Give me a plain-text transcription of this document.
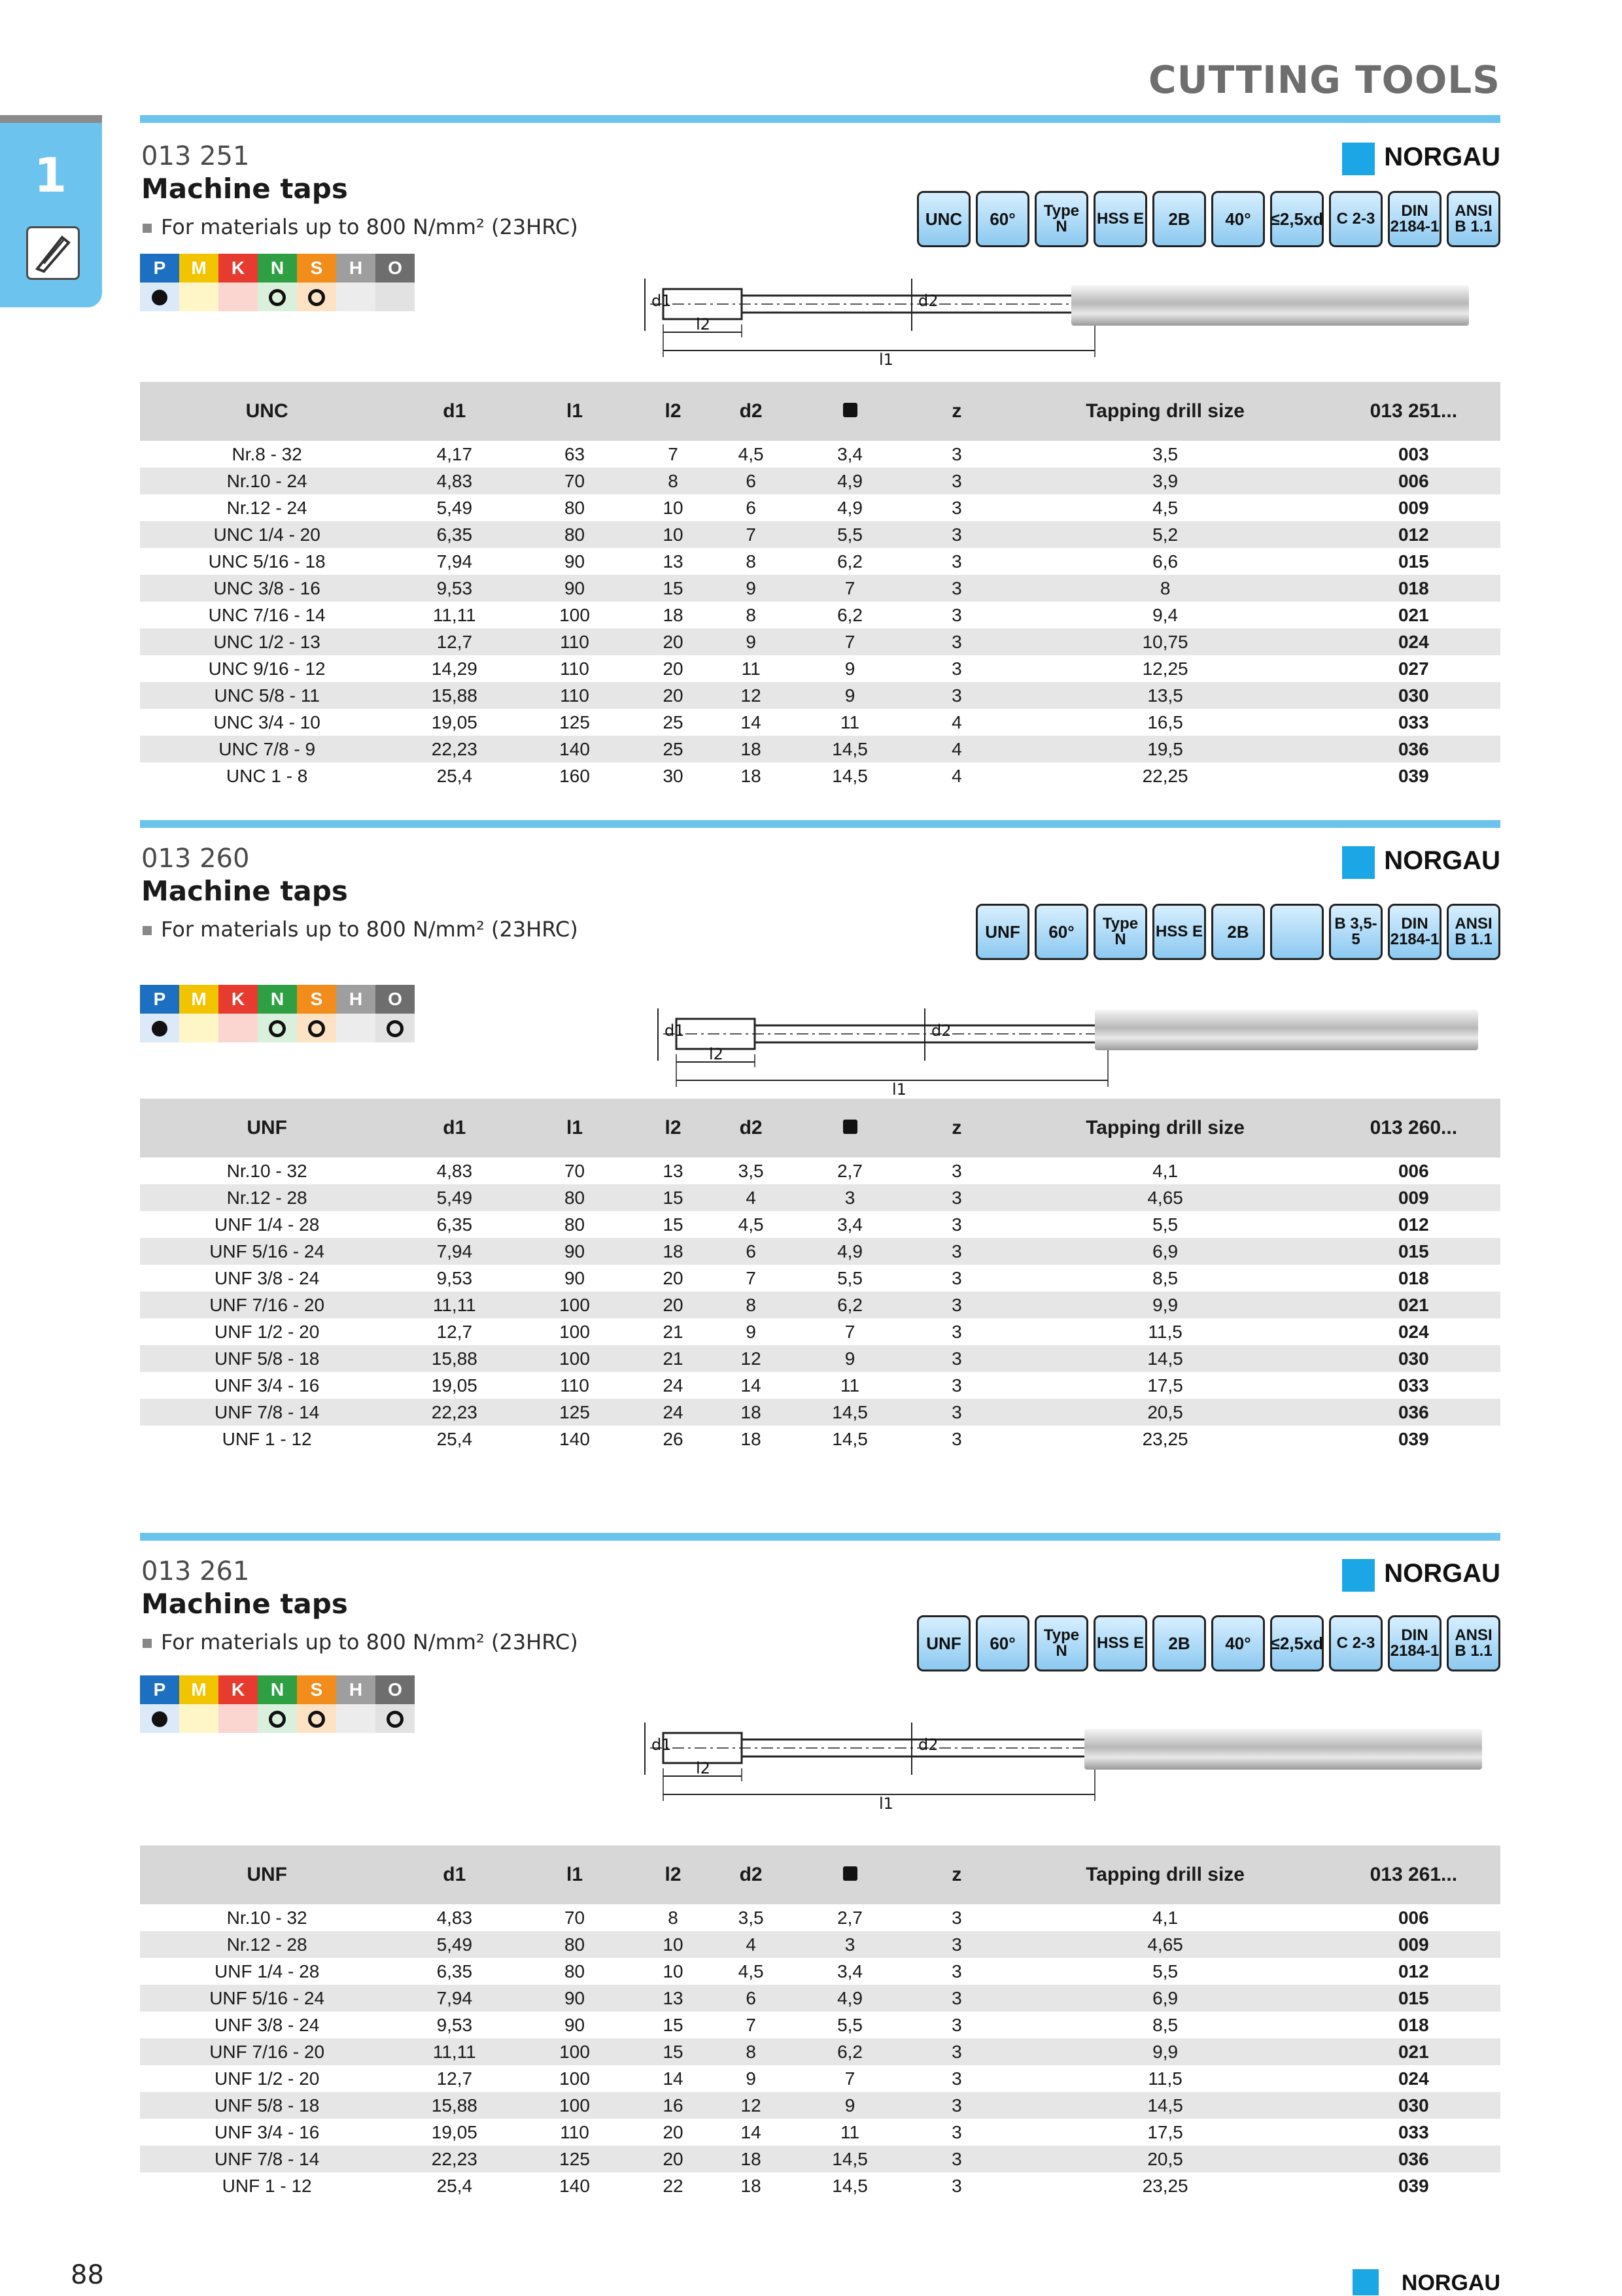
CUTTING TOOLS
1	013 251
Machine taps
For materials up to 800 N/mm² (23HRC)
NORGAU
UNC 60°	Type N	HSS E 2B 40° ≤2,5xd C 2-3	DIN 2184-1
ANSI B 1.1
P	M	K	N	S	H	O

d1	d2
l2
l1
UNC	d1	l1	l2	d2		z	Tapping drill size	013 251...
Nr.8 - 32	4,17	63	7	4,5	3,4	3	3,5	003
Nr.10 - 24	4,83	70	8	6	4,9	3	3,9	006
Nr.12 - 24	5,49	80	10	6	4,9	3	4,5	009
UNC 1/4 - 20	6,35	80	10	7	5,5	3	5,2	012
UNC 5/16 - 18	7,94	90	13	8	6,2	3	6,6	015
UNC 3/8 - 16	9,53	90	15	9	7	3	8	018
UNC 7/16 - 14	11,11	100	18	8	6,2	3	9,4	021
UNC 1/2 - 13	12,7	110	20	9	7	3	10,75	024
UNC 9/16 - 12	14,29	110	20	11	9	3	12,25	027
UNC 5/8 - 11	15,88	110	20	12	9	3	13,5	030
UNC 3/4 - 10	19,05	125	25	14	11	4	16,5	033
UNC 7/8 - 9	22,23	140	25	18	14,5	4	19,5	036
UNC 1 - 8	25,4	160	30	18	14,5	4	22,25	039
013 260
Machine taps
For materials up to 800 N/mm² (23HRC)
NORGAU
UNF 60°	Type N	HSS E 2B	B 3,5-5
DIN 2184-1
ANSI B 1.1
P	M	K	N	S	H	O

d1	d2
l2
l1
UNF	d1	l1	l2	d2		z	Tapping drill size	013 260...
Nr.10 - 32	4,83	70	13	3,5	2,7	3	4,1	006
Nr.12 - 28	5,49	80	15	4	3	3	4,65	009
UNF 1/4 - 28	6,35	80	15	4,5	3,4	3	5,5	012
UNF 5/16 - 24	7,94	90	18	6	4,9	3	6,9	015
UNF 3/8 - 24	9,53	90	20	7	5,5	3	8,5	018
UNF 7/16 - 20	11,11	100	20	8	6,2	3	9,9	021
UNF 1/2 - 20	12,7	100	21	9	7	3	11,5	024
UNF 5/8 - 18	15,88	100	21	12	9	3	14,5	030
UNF 3/4 - 16	19,05	110	24	14	11	3	17,5	033
UNF 7/8 - 14	22,23	125	24	18	14,5	3	20,5	036
UNF 1 - 12	25,4	140	26	18	14,5	3	23,25	039
013 261
Machine taps
For materials up to 800 N/mm² (23HRC)
NORGAU
UNF 60°	Type N	HSS E 2B 40° ≤2,5xd C 2-3	DIN 2184-1
ANSI B 1.1
P	M	K	N	S	H	O

d1	d2
l2
l1
UNF	d1	l1	l2	d2		z	Tapping drill size	013 261...
Nr.10 - 32	4,83	70	8	3,5	2,7	3	4,1	006
Nr.12 - 28	5,49	80	10	4	3	3	4,65	009
UNF 1/4 - 28	6,35	80	10	4,5	3,4	3	5,5	012
UNF 5/16 - 24	7,94	90	13	6	4,9	3	6,9	015
UNF 3/8 - 24	9,53	90	15	7	5,5	3	8,5	018
UNF 7/16 - 20	11,11	100	15	8	6,2	3	9,9	021
UNF 1/2 - 20	12,7	100	14	9	7	3	11,5	024
UNF 5/8 - 18	15,88	100	16	12	9	3	14,5	030
UNF 3/4 - 16	19,05	110	20	14	11	3	17,5	033
UNF 7/8 - 14	22,23	125	20	18	14,5	3	20,5	036
UNF 1 - 12	25,4	140	22	18	14,5	3	23,25	039
88	NORGAU
